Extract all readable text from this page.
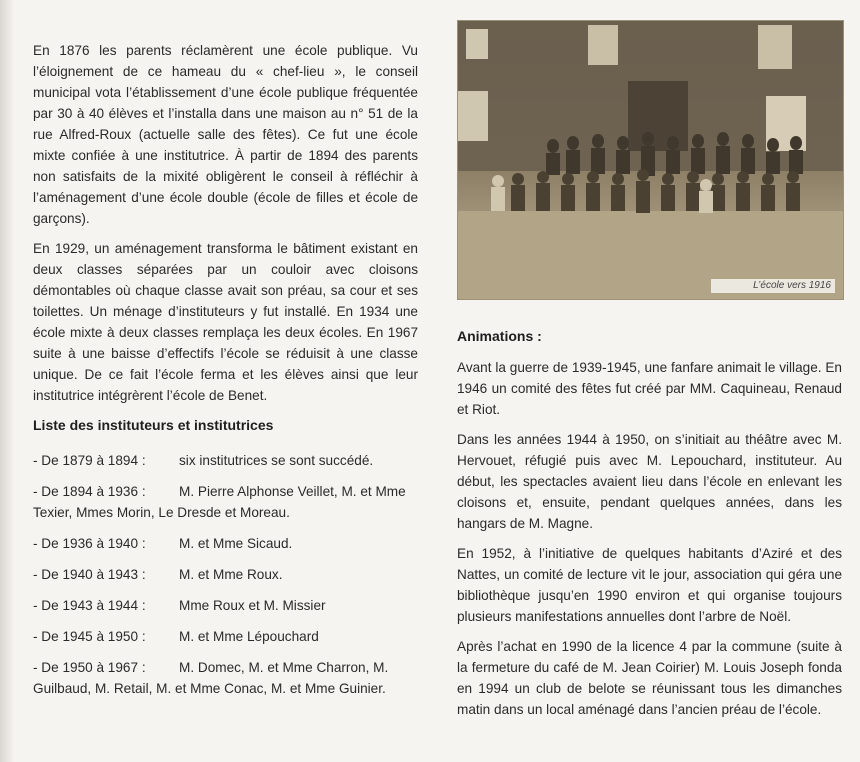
En 1876 les parents réclamèrent une école publique. Vu l’éloignement de ce hameau du « chef-lieu », le conseil municipal vota l’établissement d’une école publique fréquentée par 30 à 40 élèves et l’installa dans une maison au n° 51 de la rue Alfred-Roux (actuelle salle des fêtes). Ce fut une école mixte confiée à une institutrice. À partir de 1894 des parents non satisfaits de la mixité obligèrent le conseil à réfléchir à l’aménagement d’une école double (école de filles et école de garçons).

En 1929, un aménagement transforma le bâtiment existant en deux classes séparées par un couloir avec cloisons démontables où chaque classe avait son préau, sa cour et ses toilettes. Un ménage d’instituteurs y fut installé. En 1934 une école mixte à deux classes remplaça les deux écoles. En 1967 suite à une baisse d’effectifs l’école se réduisit à une classe unique. De ce fait l’école ferma et les élèves ainsi que leur institutrice intégrèrent l’école de Benet.

Liste des instituteurs et institutrices
- De 1879 à 1894 : six institutrices se sont succédé.
- De 1894 à 1936 : M. Pierre Alphonse Veillet, M. et Mme Texier, Mmes Morin, Le Dresde et Moreau.
- De 1936 à 1940 : M. et Mme Sicaud.
- De 1940 à 1943 : M. et Mme Roux.
- De 1943 à 1944 : Mme Roux et M. Missier
- De 1945 à 1950 : M. et Mme Lépouchard
- De 1950 à 1967 : M. Domec, M. et Mme Charron, M. Guilbaud, M. Retail, M. et Mme Conac, M. et Mme Guinier.
L’école vers 1916
Animations :

Avant la guerre de 1939-1945, une fanfare animait le village. En 1946 un comité des fêtes fut créé par MM. Caquineau, Renaud et Riot.

Dans les années 1944 à 1950, on s’initiait au théâtre avec M. Hervouet, réfugié puis avec M. Lepouchard, instituteur. Au début, les spectacles avaient lieu dans l’école en enlevant les cloisons et, ensuite, pendant quelques années, dans les hangars de M. Magne.

En 1952, à l’initiative de quelques habitants d’Aziré et des Nattes, un comité de lecture vit le jour, association qui géra une bibliothèque jusqu’en 1990 environ et qui organise toujours plusieurs manifestations annuelles dont l’arbre de Noël.

Après l’achat en 1990 de la licence 4 par la commune (suite à la fermeture du café de M. Jean Coirier) M. Louis Joseph fonda en 1994 un club de belote se réunissant tous les dimanches matin dans un local aménagé dans l’ancien préau de l’école.
